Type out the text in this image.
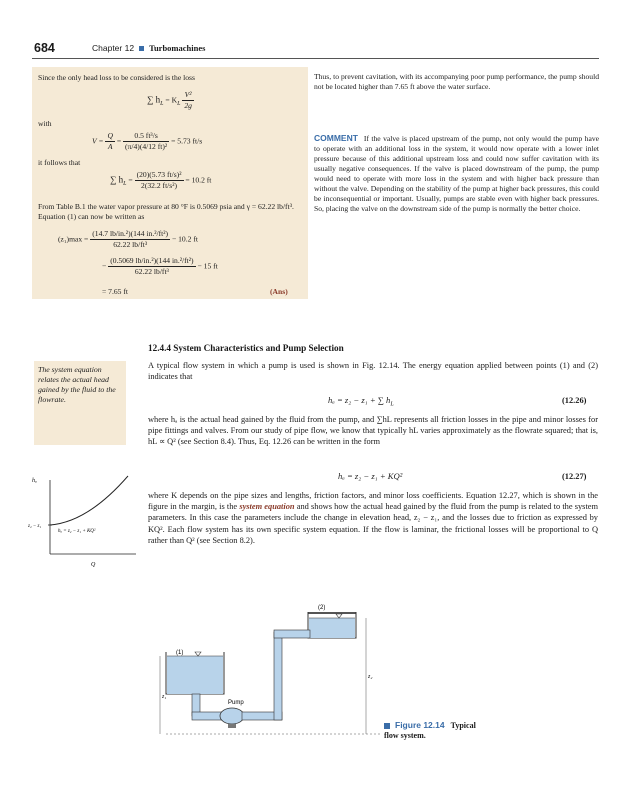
684	Chapter 12 Turbomachines
Since the only head loss to be considered is the loss
∑ $h_L = K_L \frac{\text{V²}}{2g}$
with
$V = \frac{Q}{A} = \frac{\text{0.5 ft³/s}}{\text{(π/4)(4/12 ft)²}} = 5.73$ ft/s
it follows that
∑ $h_L = \frac{\text{(20)(5.73 ft/s)²}}{\text{2(32.2 ft/s²)}} = 10.2$ ft
From Table B.1 the water vapor pressure at 80 °F is 0.5069 psia and γ = 62.22 lb/ft³. Equation (1) can now be written as
$(z_1)\max = \frac{\text{(14.7 lb/in.²)(144 in.²/ft²)}}{\text{62.22 lb/ft³}} - 10.2$ ft
− $\frac{\text{(0.5069 lb/in.²)(144 in.²/ft²)}}{\text{62.22 lb/ft³}} - 15$ ft
= 7.65 ft	(Ans)
Thus, to prevent cavitation, with its accompanying poor pump performance, the pump should not be located higher than 7.65 ft above the water surface.
COMMENT If the valve is placed upstream of the pump, not only would the pump have to operate with an additional loss in the system, it would now operate with a lower inlet pressure because of this additional upstream loss and could now suffer cavitation with its usually negative consequences. If the valve is placed downstream of the pump, the pump would need to operate with more loss in the system and with higher back pressure than without the valve. Depending on the stability of the pump at higher back pressures, this could be inconsequential or important. Usually, pumps are stable even with higher back pressures. So, placing the valve on the downstream side of the pump is normally the better choice.
12.4.4 System Characteristics and Pump Selection
A typical flow system in which a pump is used is shown in Fig. 12.14. The energy equation applied between points (1) and (2) indicates that
hₐ = z₂ − z₁ + ∑ $h_L$	(12.26)
where hₐ is the actual head gained by the fluid from the pump, and ∑hL represents all friction losses in the pipe and minor losses for pipe fittings and valves. From our study of pipe flow, we know that typically hL varies approximately as the flowrate squared; that is, hL ∝ Q² (see Section 8.4). Thus, Eq. 12.26 can be written in the form
hₐ = z₂ − z₁ + KQ²	(12.27)
where K depends on the pipe sizes and lengths, friction factors, and minor loss coefficients. Equation 12.27, which is shown in the figure in the margin, is the system equation and shows how the actual head gained by the fluid from the pump is related to the system parameters. In this case the parameters include the change in elevation head, z₂ − z₁, and the losses due to friction as expressed by KQ². Each flow system has its own specific system equation. If the flow is laminar, the frictional losses will be proportional to Q rather than Q² (see Section 8.2).
The system equation relates the actual head gained by the fluid to the flowrate.
hₐ
Q
z₂ − z₁
hₐ = z₂ − z₁ + KQ²
(2)
(1)
Pump
z₂
z₁
Figure 12.14 Typical
flow system.
